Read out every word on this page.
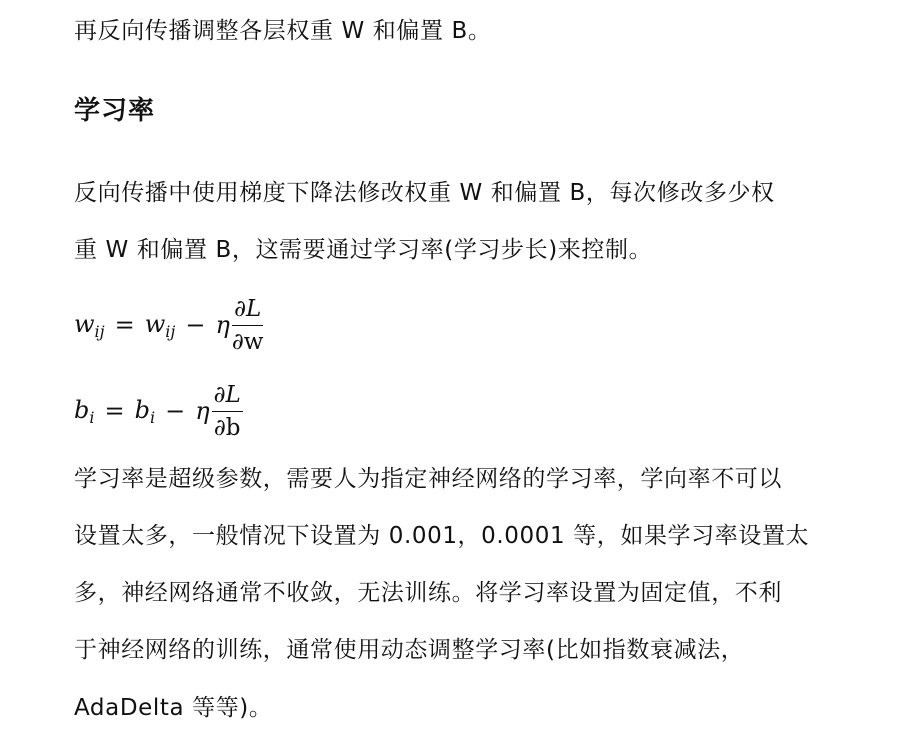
再反向传播调整各层权重 W 和偏置 B。

学习率

反向传播中使用梯度下降法修改权重 W 和偏置 B，每次修改多少权

重 W 和偏置 B，这需要通过学习率(学习步长)来控制。

$w_{ij} = w_{ij} - \eta \frac{\partial L}{\partial w}$
$b_i = b_i - \eta \frac{\partial L}{\partial b}$

学习率是超级参数，需要人为指定神经网络的学习率，学向率不可以

设置太多，一般情况下设置为 0.001，0.0001 等，如果学习率设置太

多，神经网络通常不收敛，无法训练。将学习率设置为固定值，不利

于神经网络的训练，通常使用动态调整学习率(比如指数衰减法，

AdaDelta 等等)。
